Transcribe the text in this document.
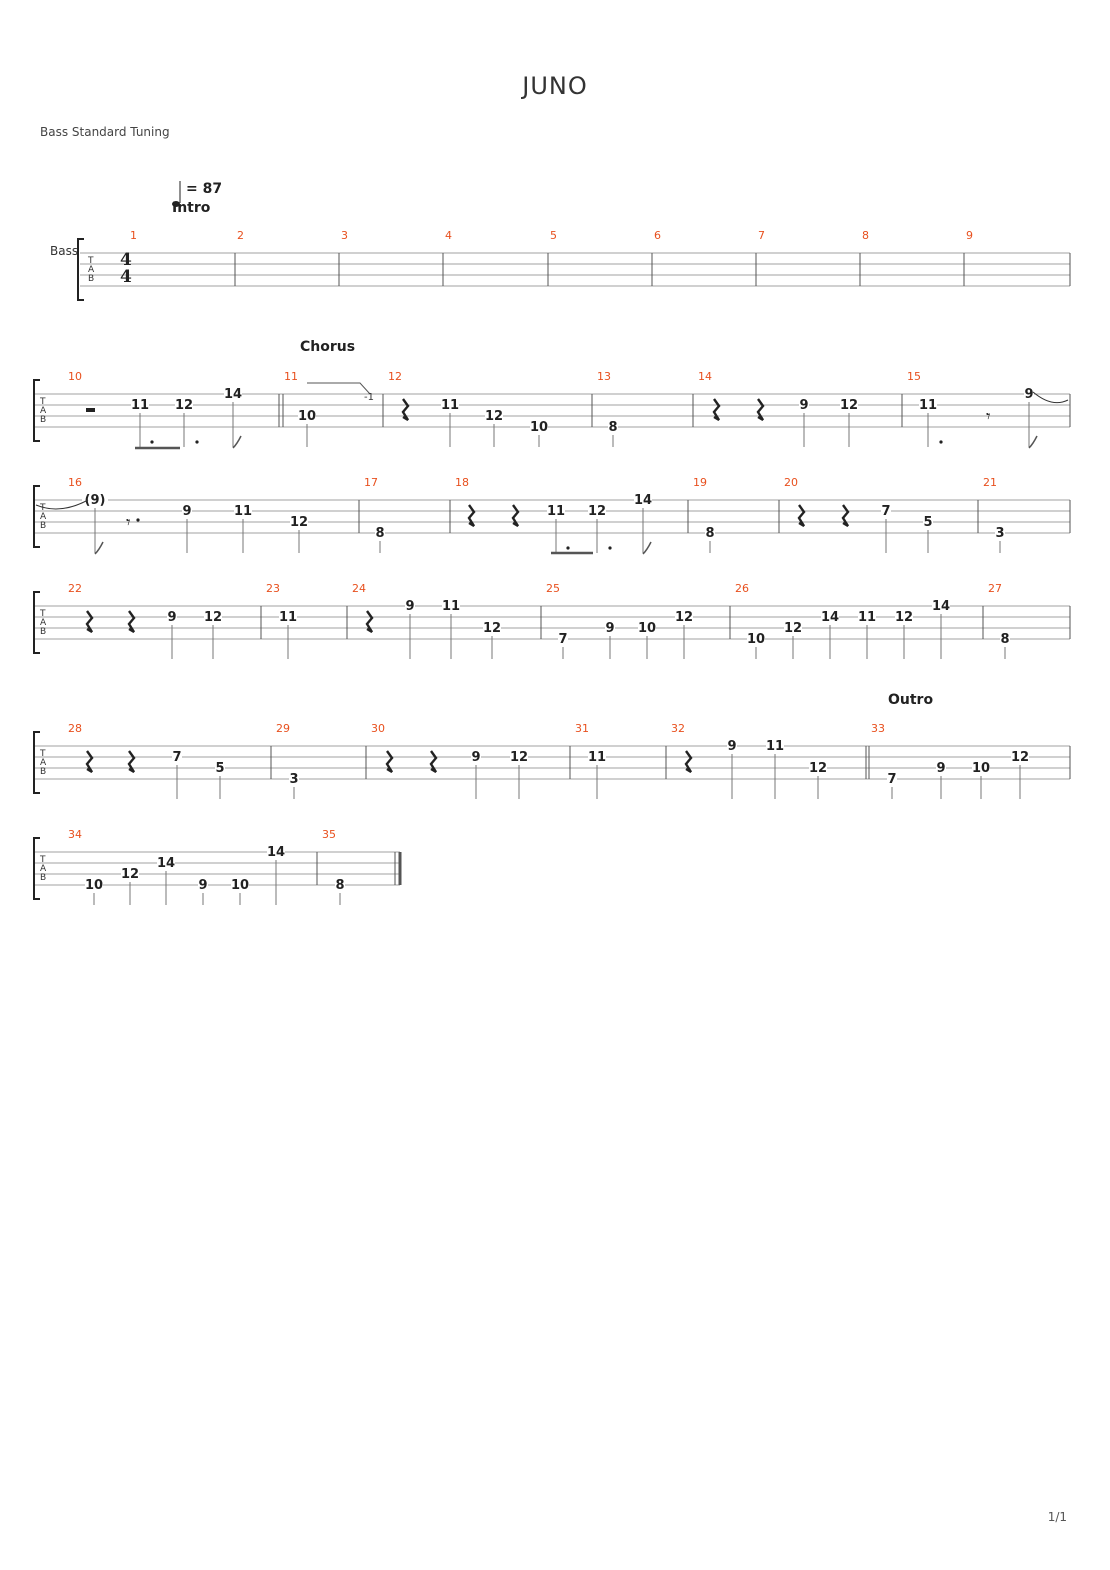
JUNO
Bass Standard Tuning
Bass
= 87
Intro
Chorus
Outro
T
A
B
1	2	3	4	5	6	7	8	9
4
4
T
A
B
10
11 12
14
11
10
12
11
12
10
13
8
14
9 12
15
11
𝄾
9
T
A
B
16
(9)
𝄾
9	11
12
17
8
18
11 12
14
19
8
20
7
5
21
3
T
A
B
22
9 12
23
11
24
9 11
12
25
7
9 10
12
26
10
12
14 11 12
14
27
8
T
A
B
28
7
5
29
3
30
9 12
31
11
32
9 11
12
33
7
9 10
12
T
A
B
34
10
12
14
9 10
14
35
8
-1
1/1
